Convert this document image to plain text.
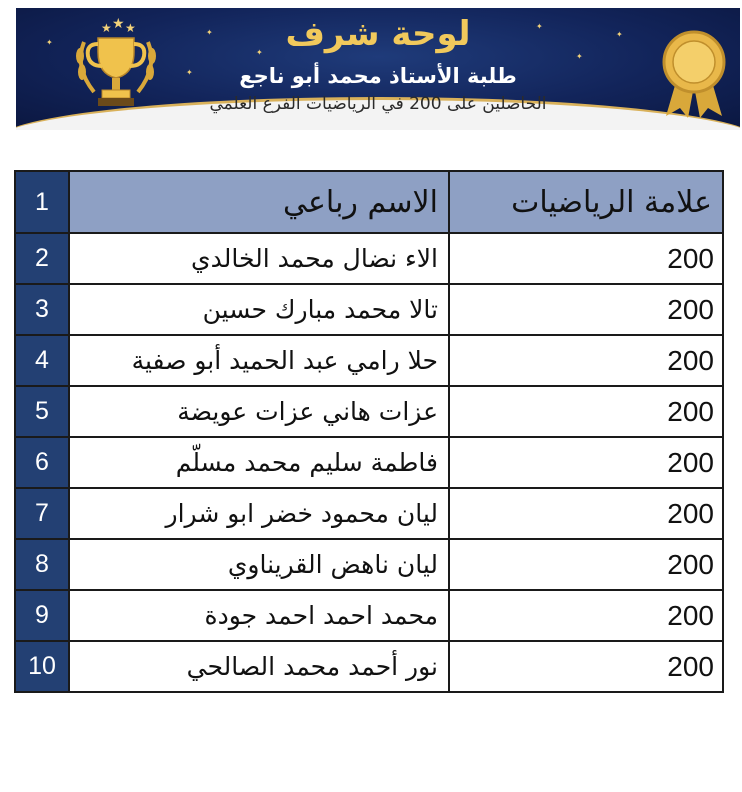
✦
✦
✦
✦
✦
✦
✦
★ ★ ★	لوحة شرف
طلبة الأستاذ محمد أبو ناجع
الحاصلين على 200 في الرياضيات الفرع العلمي
1	الاسم رباعي	علامة الرياضيات
2	الاء نضال محمد الخالدي	200
3	تالا محمد مبارك حسين	200
4	حلا رامي عبد الحميد أبو صفية	200
5	عزات هاني عزات عويضة	200
6	فاطمة سليم محمد مسلّم	200
7	ليان محمود خضر ابو شرار	200
8	ليان ناهض القريناوي	200
9	محمد احمد احمد جودة	200
10	نور أحمد محمد الصالحي	200
